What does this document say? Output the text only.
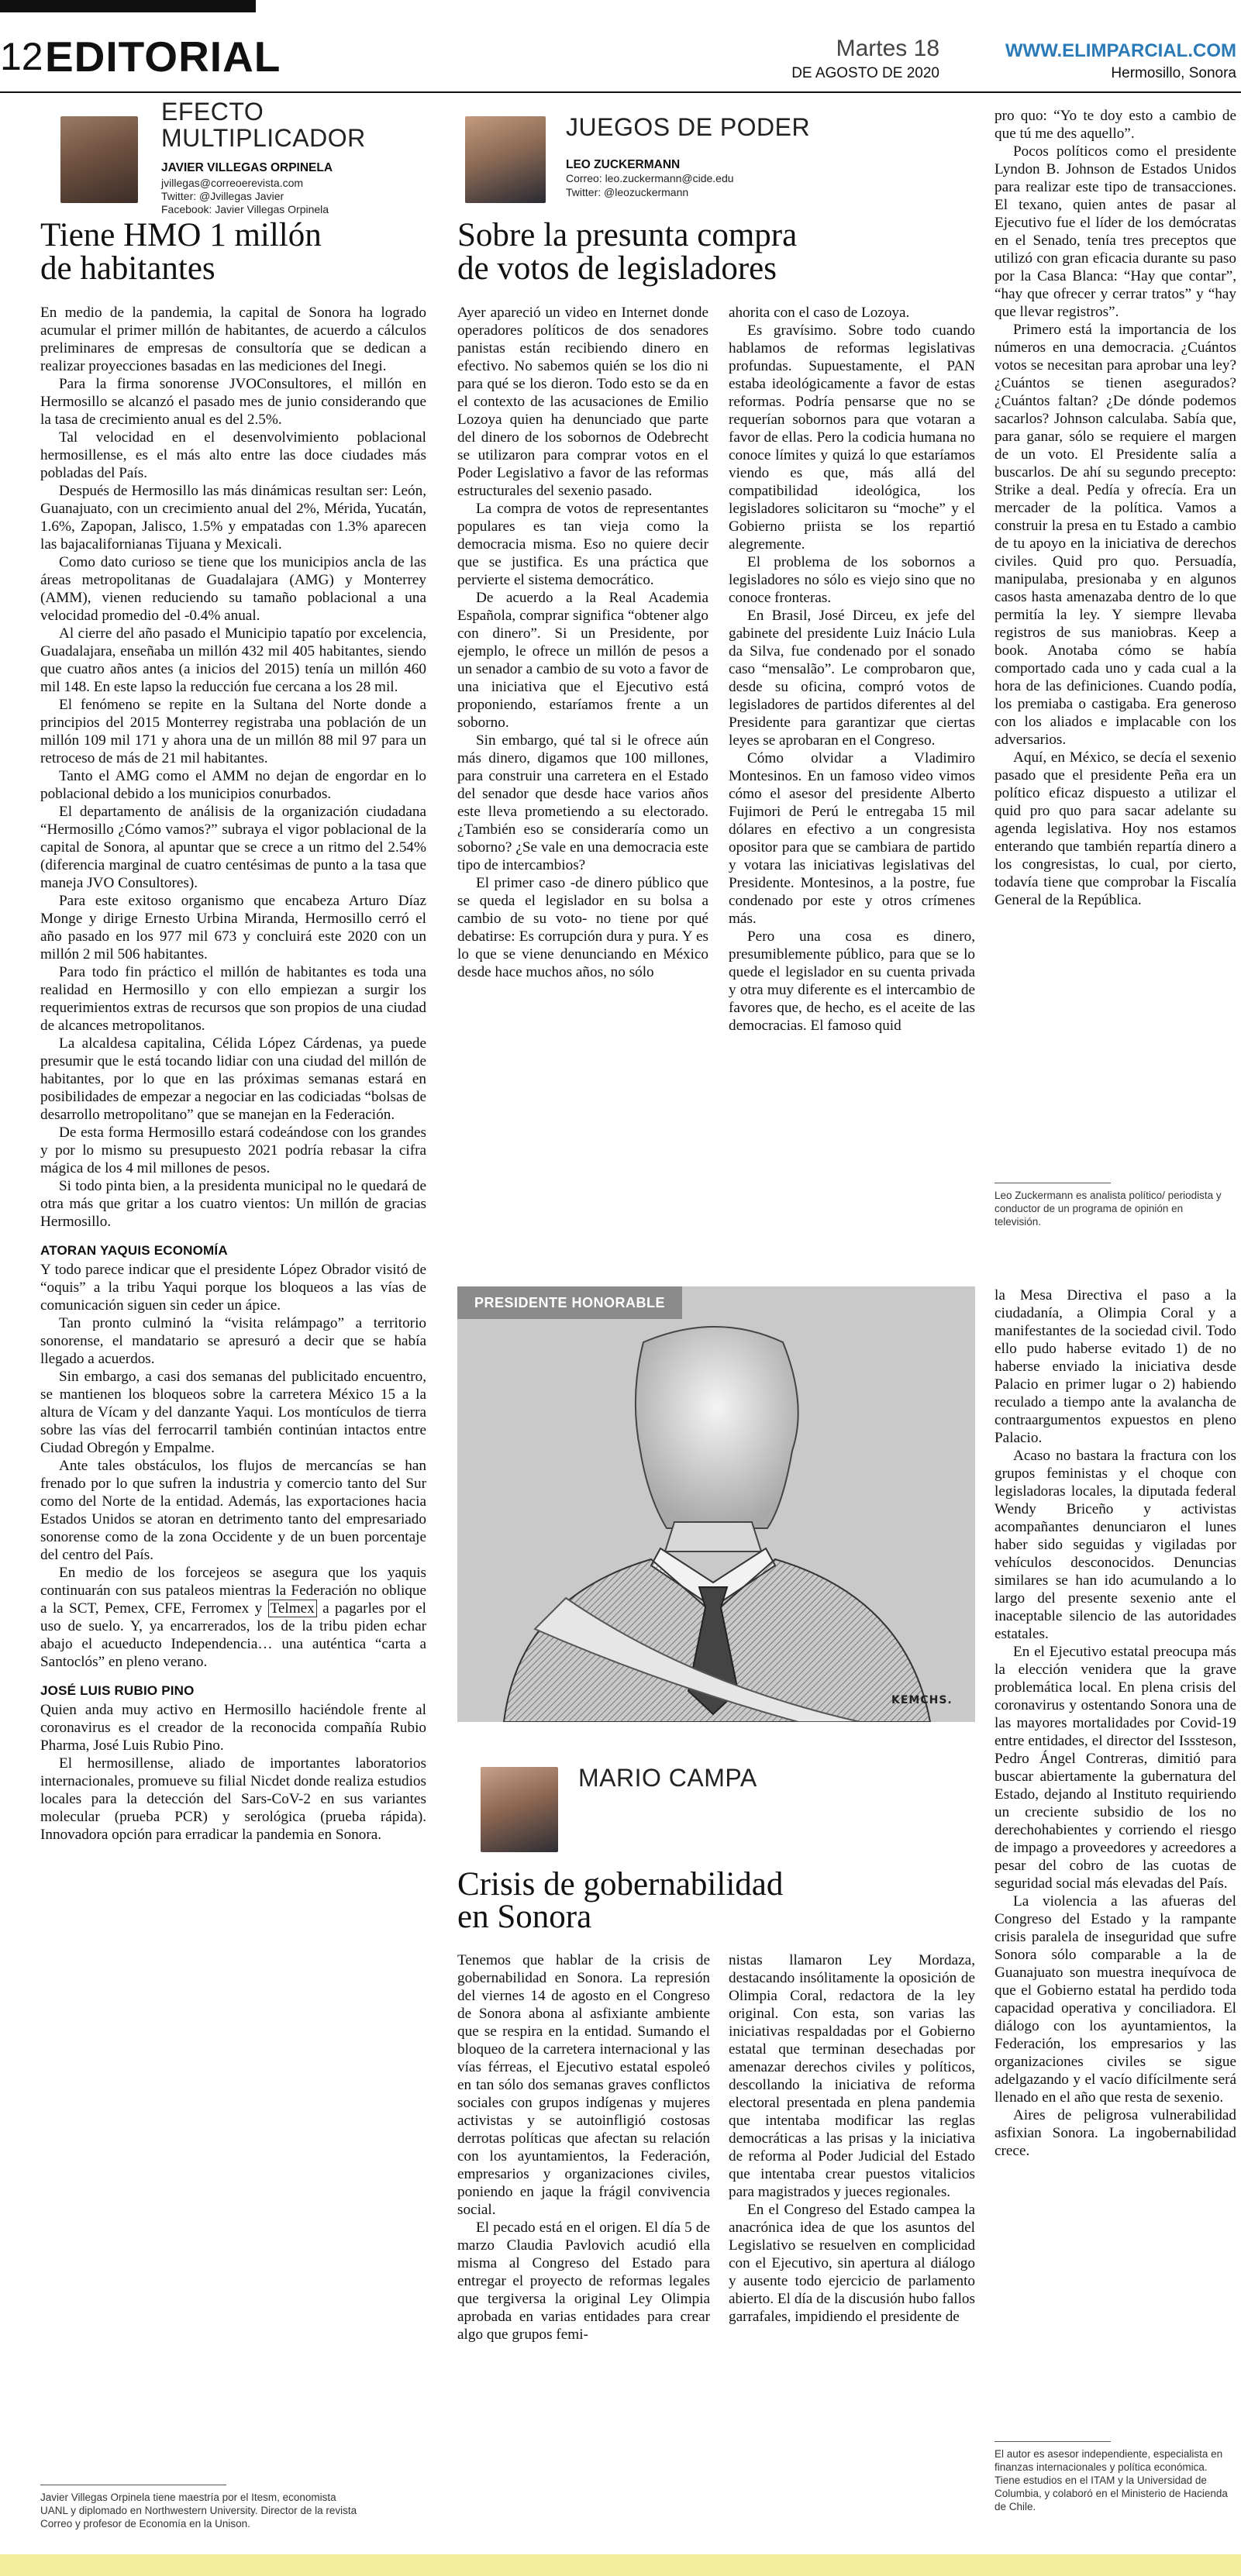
12 EDITORIAL	Martes 18
DE AGOSTO DE 2020
WWW.ELIMPARCIAL.COM
Hermosillo, Sonora
EFECTO
MULTIPLICADOR
JAVIER VILLEGAS ORPINELA
jvillegas@correoerevista.com
Twitter: @Jvillegas Javier
Facebook: Javier Villegas Orpinela
Tiene HMO 1 millón
de habitantes

En medio de la pandemia, la capital de Sonora ha logrado acumular el primer millón de habitantes, de acuerdo a cálculos preliminares de empresas de consultoría que se dedican a realizar proyecciones basadas en las mediciones del Inegi.

Para la firma sonorense JVOConsultores, el millón en Hermosillo se alcanzó el pasado mes de junio considerando que la tasa de crecimiento anual es del 2.5%.

Tal velocidad en el desenvolvimiento poblacional hermosillense, es el más alto entre las doce ciudades más pobladas del País.

Después de Hermosillo las más dinámicas resultan ser: León, Guanajuato, con un crecimiento anual del 2%, Mérida, Yucatán, 1.6%, Zapopan, Jalisco, 1.5% y empatadas con 1.3% aparecen las bajacalifornianas Tijuana y Mexicali.

Como dato curioso se tiene que los municipios ancla de las áreas metropolitanas de Guadalajara (AMG) y Monterrey (AMM), vienen reduciendo su tamaño poblacional a una velocidad promedio del -0.4% anual.

Al cierre del año pasado el Municipio tapatío por excelencia, Guadalajara, enseñaba un millón 432 mil 405 habitantes, siendo que cuatro años antes (a inicios del 2015) tenía un millón 460 mil 148. En este lapso la reducción fue cercana a los 28 mil.

El fenómeno se repite en la Sultana del Norte donde a principios del 2015 Monterrey registraba una población de un millón 109 mil 171 y ahora una de un millón 88 mil 97 para un retroceso de más de 21 mil habitantes.

Tanto el AMG como el AMM no dejan de engordar en lo poblacional debido a los municipios conurbados.

El departamento de análisis de la organización ciudadana “Hermosillo ¿Cómo vamos?” subraya el vigor poblacional de la capital de Sonora, al apuntar que se crece a un ritmo del 2.54% (diferencia marginal de cuatro centésimas de punto a la tasa que maneja JVO Consultores).

Para este exitoso organismo que encabeza Arturo Díaz Monge y dirige Ernesto Urbina Miranda, Hermosillo cerró el año pasado en los 977 mil 673 y concluirá este 2020 con un millón 2 mil 506 habitantes.

Para todo fin práctico el millón de habitantes es toda una realidad en Hermosillo y con ello empiezan a surgir los requerimientos extras de recursos que son propios de una ciudad de alcances metropolitanos.

La alcaldesa capitalina, Célida López Cárdenas, ya puede presumir que le está tocando lidiar con una ciudad del millón de habitantes, por lo que en las próximas semanas estará en posibilidades de empezar a negociar en las codiciadas “bolsas de desarrollo metropolitano” que se manejan en la Federación.

De esta forma Hermosillo estará codeándose con los grandes y por lo mismo su presupuesto 2021 podría rebasar la cifra mágica de los 4 mil millones de pesos.

Si todo pinta bien, a la presidenta municipal no le quedará de otra más que gritar a los cuatro vientos: Un millón de gracias Hermosillo.

ATORAN YAQUIS ECONOMÍA

Y todo parece indicar que el presidente López Obrador visitó de “oquis” a la tribu Yaqui porque los bloqueos a las vías de comunicación siguen sin ceder un ápice.

Tan pronto culminó la “visita relámpago” a territorio sonorense, el mandatario se apresuró a decir que se había llegado a acuerdos.

Sin embargo, a casi dos semanas del publicitado encuentro, se mantienen los bloqueos sobre la carretera México 15 a la altura de Vícam y del danzante Yaqui. Los montículos de tierra sobre las vías del ferrocarril también continúan intactos entre Ciudad Obregón y Empalme.

Ante tales obstáculos, los flujos de mercancías se han frenado por lo que sufren la industria y comercio tanto del Sur como del Norte de la entidad. Además, las exportaciones hacia Estados Unidos se atoran en detrimento tanto del empresariado sonorense como de la zona Occidente y de un buen porcentaje del centro del País.

En medio de los forcejeos se asegura que los yaquis continuarán con sus pataleos mientras la Federación no oblique a la SCT, Pemex, CFE, Ferromex y Telmex a pagarles por el uso de suelo. Y, ya encarrerados, los de la tribu piden echar abajo el acueducto Independencia… una auténtica “carta a Santoclós” en pleno verano.

JOSÉ LUIS RUBIO PINO

Quien anda muy activo en Hermosillo haciéndole frente al coronavirus es el creador de la reconocida compañía Rubio Pharma, José Luis Rubio Pino.

El hermosillense, aliado de importantes laboratorios internacionales, promueve su filial Nicdet donde realiza estudios locales para la detección del Sars-CoV-2 en sus variantes molecular (prueba PCR) y serológica (prueba rápida). Innovadora opción para erradicar la pandemia en Sonora.

Javier Villegas Orpinela tiene maestría por el Itesm, economista UANL y diplomado en Northwestern University. Director de la revista Correo y profesor de Economía en la Unison.
JUEGOS DE PODER
LEO ZUCKERMANN
Correo: leo.zuckermann@cide.edu
Twitter: @leozuckermann
Sobre la presunta compra
de votos de legisladores

Ayer apareció un video en Internet donde operadores políticos de dos senadores panistas están recibiendo dinero en efectivo. No sabemos quién se los dio ni para qué se los dieron. Todo esto se da en el contexto de las acusaciones de Emilio Lozoya quien ha denunciado que parte del dinero de los sobornos de Odebrecht se utilizaron para comprar votos en el Poder Legislativo a favor de las reformas estructurales del sexenio pasado.

La compra de votos de representantes populares es tan vieja como la democracia misma. Eso no quiere decir que se justifica. Es una práctica que pervierte el sistema democrático.

De acuerdo a la Real Academia Española, comprar significa “obtener algo con dinero”. Si un Presidente, por ejemplo, le ofrece un millón de pesos a un senador a cambio de su voto a favor de una iniciativa que el Ejecutivo está proponiendo, estaríamos frente a un soborno.

Sin embargo, qué tal si le ofrece aún más dinero, digamos que 100 millones, para construir una carretera en el Estado del senador que desde hace varios años este lleva prometiendo a su electorado. ¿También eso se consideraría como un soborno? ¿Se vale en una democracia este tipo de intercambios?

El primer caso -de dinero público que se queda el legislador en su bolsa a cambio de su voto- no tiene por qué debatirse: Es corrupción dura y pura. Y es lo que se viene denunciando en México desde hace muchos años, no sólo

ahorita con el caso de Lozoya.

Es gravísimo. Sobre todo cuando hablamos de reformas legislativas profundas. Supuestamente, el PAN estaba ideológicamente a favor de estas reformas. Podría pensarse que no se requerían sobornos para que votaran a favor de ellas. Pero la codicia humana no conoce límites y quizá lo que estaríamos viendo es que, más allá del compatibilidad ideológica, los legisladores solicitaron su “moche” y el Gobierno priista se los repartió alegremente.

El problema de los sobornos a legisladores no sólo es viejo sino que no conoce fronteras.

En Brasil, José Dirceu, ex jefe del gabinete del presidente Luiz Inácio Lula da Silva, fue condenado por el sonado caso “mensalão”. Le comprobaron que, desde su oficina, compró votos de legisladores de partidos diferentes al del Presidente para garantizar que ciertas leyes se aprobaran en el Congreso.

Cómo olvidar a Vladimiro Montesinos. En un famoso video vimos cómo el asesor del presidente Alberto Fujimori de Perú le entregaba 15 mil dólares en efectivo a un congresista opositor para que se cambiara de partido y votara las iniciativas legislativas del Presidente. Montesinos, a la postre, fue condenado por este y otros crímenes más.

Pero una cosa es dinero, presumiblemente público, para que se lo quede el legislador en su cuenta privada y otra muy diferente es el intercambio de favores que, de hecho, es el aceite de las democracias. El famoso quid

pro quo: “Yo te doy esto a cambio de que tú me des aquello”.

Pocos políticos como el presidente Lyndon B. Johnson de Estados Unidos para realizar este tipo de transacciones. El texano, quien antes de pasar al Ejecutivo fue el líder de los demócratas en el Senado, tenía tres preceptos que utilizó con gran eficacia durante su paso por la Casa Blanca: “Hay que contar”, “hay que ofrecer y cerrar tratos” y “hay que llevar registros”.

Primero está la importancia de los números en una democracia. ¿Cuántos votos se necesitan para aprobar una ley? ¿Cuántos se tienen asegurados? ¿Cuántos faltan? ¿De dónde podemos sacarlos? Johnson calculaba. Sabía que, para ganar, sólo se requiere el margen de un voto. El Presidente salía a buscarlos. De ahí su segundo precepto: Strike a deal. Pedía y ofrecía. Era un mercader de la política. Vamos a construir la presa en tu Estado a cambio de tu apoyo en la iniciativa de derechos civiles. Quid pro quo. Persuadía, manipulaba, presionaba y en algunos casos hasta amenazaba dentro de lo que permitía la ley. Y siempre llevaba registros de sus maniobras. Keep a book. Anotaba cómo se había comportado cada uno y cada cual a la hora de las definiciones. Cuando podía, los premiaba o castigaba. Era generoso con los aliados e implacable con los adversarios.

Aquí, en México, se decía el sexenio pasado que el presidente Peña era un político eficaz dispuesto a utilizar el quid pro quo para sacar adelante su agenda legislativa. Hoy nos estamos enterando que también repartía dinero a los congresistas, lo cual, por cierto, todavía tiene que comprobar la Fiscalía General de la República.

Leo Zuckermann es analista político/ periodista y conductor de un programa de opinión en televisión.
PRESIDENTE HONORABLE
KEMCHS.

la Mesa Directiva el paso a la ciudadanía, a Olimpia Coral y a manifestantes de la sociedad civil. Todo ello pudo haberse evitado 1) de no haberse enviado la iniciativa desde Palacio en primer lugar o 2) habiendo reculado a tiempo ante la avalancha de contraargumentos expuestos en pleno Palacio.

Acaso no bastara la fractura con los grupos feministas y el choque con legisladoras locales, la diputada federal Wendy Briceño y activistas acompañantes denunciaron el lunes haber sido seguidas y vigiladas por vehículos desconocidos. Denuncias similares se han ido acumulando a lo largo del presente sexenio ante el inaceptable silencio de las autoridades estatales.

En el Ejecutivo estatal preocupa más la elección venidera que la grave problemática local. En plena crisis del coronavirus y ostentando Sonora una de las mayores mortalidades por Covid-19 entre entidades, el director del Isssteson, Pedro Ángel Contreras, dimitió para buscar abiertamente la gubernatura del Estado, dejando al Instituto requiriendo un creciente subsidio de los no derechohabientes y corriendo el riesgo de impago a proveedores y acreedores a pesar del cobro de las cuotas de seguridad social más elevadas del País.

La violencia a las afueras del Congreso del Estado y la rampante crisis paralela de inseguridad que sufre Sonora sólo comparable a la de Guanajuato son muestra inequívoca de que el Gobierno estatal ha perdido toda capacidad operativa y conciliadora. El diálogo con los ayuntamientos, la Federación, los empresarios y las organizaciones civiles se sigue adelgazando y el vacío difícilmente será llenado en el año que resta de sexenio.

Aires de peligrosa vulnerabilidad asfixian Sonora. La ingobernabilidad crece.

El autor es asesor independiente, especialista en finanzas internacionales y política económica. Tiene estudios en el ITAM y la Universidad de Columbia, y colaboró en el Ministerio de Hacienda de Chile.
MARIO CAMPA
Crisis de gobernabilidad
en Sonora

Tenemos que hablar de la crisis de gobernabilidad en Sonora. La represión del viernes 14 de agosto en el Congreso de Sonora abona al asfixiante ambiente que se respira en la entidad. Sumando el bloqueo de la carretera internacional y las vías férreas, el Ejecutivo estatal espoleó en tan sólo dos semanas graves conflictos sociales con grupos indígenas y mujeres activistas y se autoinfligió costosas derrotas políticas que afectan su relación con los ayuntamientos, la Federación, empresarios y organizaciones civiles, poniendo en jaque la frágil convivencia social.

El pecado está en el origen. El día 5 de marzo Claudia Pavlovich acudió ella misma al Congreso del Estado para entregar el proyecto de reformas legales que tergiversa la original Ley Olimpia aprobada en varias entidades para crear algo que grupos femi-

nistas llamaron Ley Mordaza, destacando insólitamente la oposición de Olimpia Coral, redactora de la ley original. Con esta, son varias las iniciativas respaldadas por el Gobierno estatal que terminan desechadas por amenazar derechos civiles y políticos, descollando la iniciativa de reforma electoral presentada en plena pandemia que intentaba modificar las reglas democráticas a las prisas y la iniciativa de reforma al Poder Judicial del Estado que intentaba crear puestos vitalicios para magistrados y jueces regionales.

En el Congreso del Estado campea la anacrónica idea de que los asuntos del Legislativo se resuelven en complicidad con el Ejecutivo, sin apertura al diálogo y ausente todo ejercicio de parlamento abierto. El día de la discusión hubo fallos garrafales, impidiendo el presidente de
